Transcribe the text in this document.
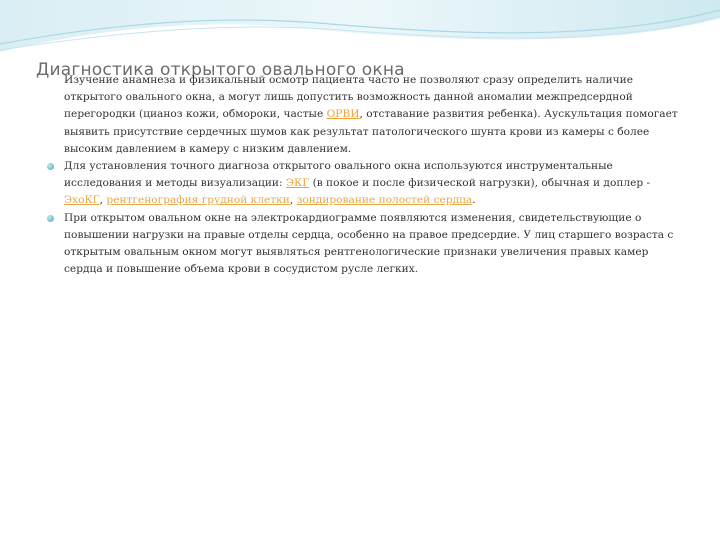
Диагностика открытого овального окна
Изучение анамнеза и физикальный осмотр пациента часто не позволяют сразу определить наличие открытого овального окна, а могут лишь допустить возможность данной аномалии межпредсердной перегородки (цианоз кожи, обмороки, частые ОРВИ, отставание развития ребенка). Аускультация помогает выявить присутствие сердечных шумов как результат патологического шунта крови из камеры с более высоким давлением в камеру с низким давлением.
Для установления точного диагноза открытого овального окна используются инструментальные исследования и методы визуализации: ЭКГ (в покое и после физической нагрузки), обычная и доплер - ЭхоКГ, рентгенография грудной клетки, зондирование полостей сердца.
При открытом овальном окне на электрокардиограмме появляются изменения, свидетельствующие о повышении нагрузки на правые отделы сердца, особенно на правое предсердие. У лиц старшего возраста с открытым овальным окном могут выявляться рентгенологические признаки увеличения правых камер сердца и повышение объема крови в сосудистом русле легких.
